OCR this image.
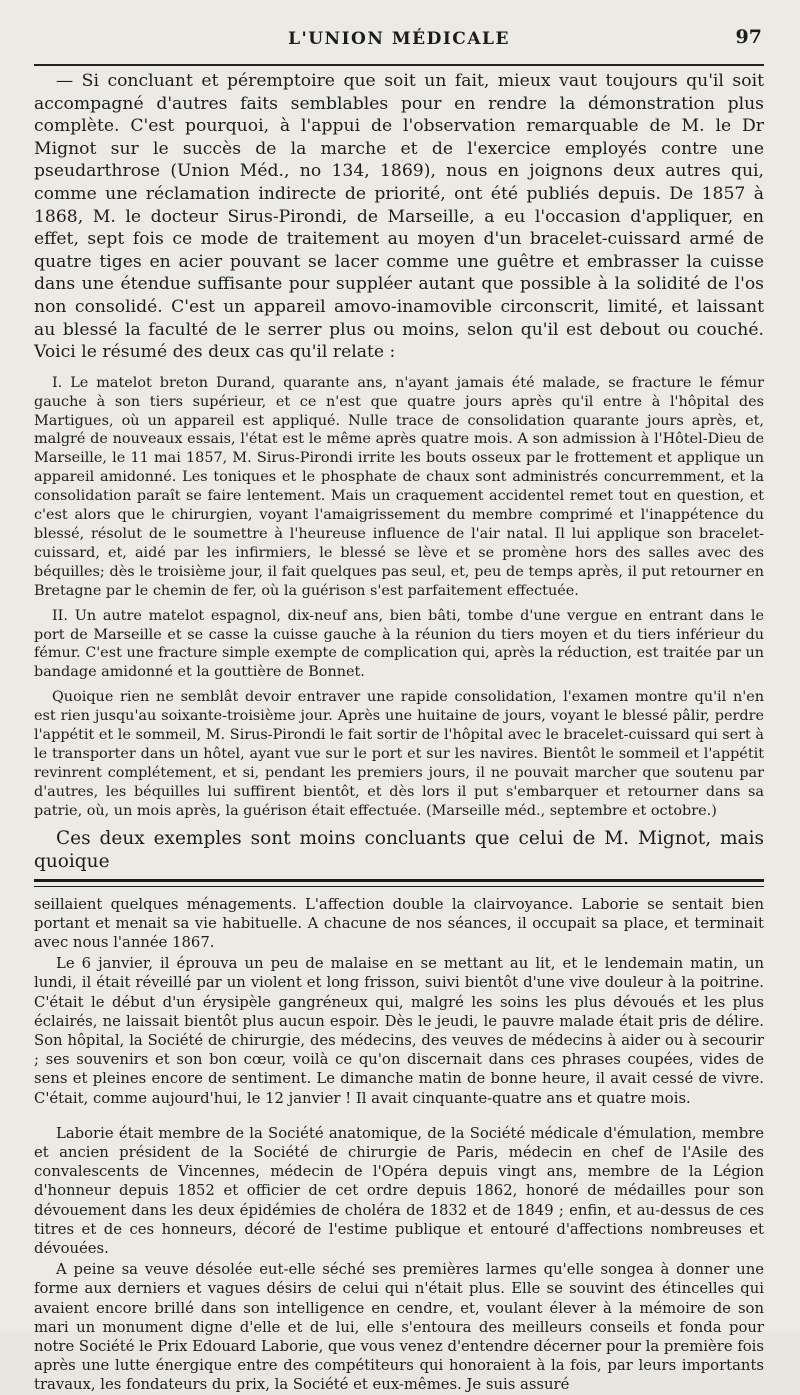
L'UNION MÉDICALE	97

— Si concluant et péremptoire que soit un fait, mieux vaut toujours qu'il soit accompagné d'autres faits semblables pour en rendre la démonstration plus complète. C'est pourquoi, à l'appui de l'observation remarquable de M. le Dr Mignot sur le succès de la marche et de l'exercice employés contre une pseudarthrose (Union Méd., no 134, 1869), nous en joignons deux autres qui, comme une réclamation indirecte de priorité, ont été publiés depuis. De 1857 à 1868, M. le docteur Sirus-Pirondi, de Marseille, a eu l'occasion d'appliquer, en effet, sept fois ce mode de traitement au moyen d'un bracelet-cuissard armé de quatre tiges en acier pouvant se lacer comme une guêtre et embrasser la cuisse dans une étendue suffisante pour suppléer autant que possible à la solidité de l'os non consolidé. C'est un appareil amovo-inamovible circonscrit, limité, et laissant au blessé la faculté de le serrer plus ou moins, selon qu'il est debout ou couché. Voici le résumé des deux cas qu'il relate :

I. Le matelot breton Durand, quarante ans, n'ayant jamais été malade, se fracture le fémur gauche à son tiers supérieur, et ce n'est que quatre jours après qu'il entre à l'hôpital des Martigues, où un appareil est appliqué. Nulle trace de consolidation quarante jours après, et, malgré de nouveaux essais, l'état est le même après quatre mois. A son admission à l'Hôtel-Dieu de Marseille, le 11 mai 1857, M. Sirus-Pirondi irrite les bouts osseux par le frottement et applique un appareil amidonné. Les toniques et le phosphate de chaux sont administrés concurremment, et la consolidation paraît se faire lentement. Mais un craquement accidentel remet tout en question, et c'est alors que le chirurgien, voyant l'amaigrissement du membre comprimé et l'inappétence du blessé, résolut de le soumettre à l'heureuse influence de l'air natal. Il lui applique son bracelet-cuissard, et, aidé par les infirmiers, le blessé se lève et se promène hors des salles avec des béquilles; dès le troisième jour, il fait quelques pas seul, et, peu de temps après, il put retourner en Bretagne par le chemin de fer, où la guérison s'est parfaitement effectuée.

II. Un autre matelot espagnol, dix-neuf ans, bien bâti, tombe d'une vergue en entrant dans le port de Marseille et se casse la cuisse gauche à la réunion du tiers moyen et du tiers inférieur du fémur. C'est une fracture simple exempte de complication qui, après la réduction, est traitée par un bandage amidonné et la gouttière de Bonnet.

Quoique rien ne semblât devoir entraver une rapide consolidation, l'examen montre qu'il n'en est rien jusqu'au soixante-troisième jour. Après une huitaine de jours, voyant le blessé pâlir, perdre l'appétit et le sommeil, M. Sirus-Pirondi le fait sortir de l'hôpital avec le bracelet-cuissard qui sert à le transporter dans un hôtel, ayant vue sur le port et sur les navires. Bientôt le sommeil et l'appétit revinrent complétement, et si, pendant les premiers jours, il ne pouvait marcher que soutenu par d'autres, les béquilles lui suffirent bientôt, et dès lors il put s'embarquer et retourner dans sa patrie, où, un mois après, la guérison était effectuée. (Marseille méd., septembre et octobre.)

Ces deux exemples sont moins concluants que celui de M. Mignot, mais quoique

seillaient quelques ménagements. L'affection double la clairvoyance. Laborie se sentait bien portant et menait sa vie habituelle. A chacune de nos séances, il occupait sa place, et terminait avec nous l'année 1867.

Le 6 janvier, il éprouva un peu de malaise en se mettant au lit, et le lendemain matin, un lundi, il était réveillé par un violent et long frisson, suivi bientôt d'une vive douleur à la poitrine. C'était le début d'un érysipèle gangréneux qui, malgré les soins les plus dévoués et les plus éclairés, ne laissait bientôt plus aucun espoir. Dès le jeudi, le pauvre malade était pris de délire. Son hôpital, la Société de chirurgie, des médecins, des veuves de médecins à aider ou à secourir ; ses souvenirs et son bon cœur, voilà ce qu'on discernait dans ces phrases coupées, vides de sens et pleines encore de sentiment. Le dimanche matin de bonne heure, il avait cessé de vivre. C'était, comme aujourd'hui, le 12 janvier ! Il avait cinquante-quatre ans et quatre mois.

Laborie était membre de la Société anatomique, de la Société médicale d'émulation, membre et ancien président de la Société de chirurgie de Paris, médecin en chef de l'Asile des convalescents de Vincennes, médecin de l'Opéra depuis vingt ans, membre de la Légion d'honneur depuis 1852 et officier de cet ordre depuis 1862, honoré de médailles pour son dévouement dans les deux épidémies de choléra de 1832 et de 1849 ; enfin, et au-dessus de ces titres et de ces honneurs, décoré de l'estime publique et entouré d'affections nombreuses et dévouées.

A peine sa veuve désolée eut-elle séché ses premières larmes qu'elle songea à donner une forme aux derniers et vagues désirs de celui qui n'était plus. Elle se souvint des étincelles qui avaient encore brillé dans son intelligence en cendre, et, voulant élever à la mémoire de son mari un monument digne d'elle et de lui, elle s'entoura des meilleurs conseils et fonda pour notre Société le Prix Edouard Laborie, que vous venez d'entendre décerner pour la première fois après une lutte énergique entre des compétiteurs qui honoraient à la fois, par leurs importants travaux, les fondateurs du prix, la Société et eux-mêmes. Je suis assuré
